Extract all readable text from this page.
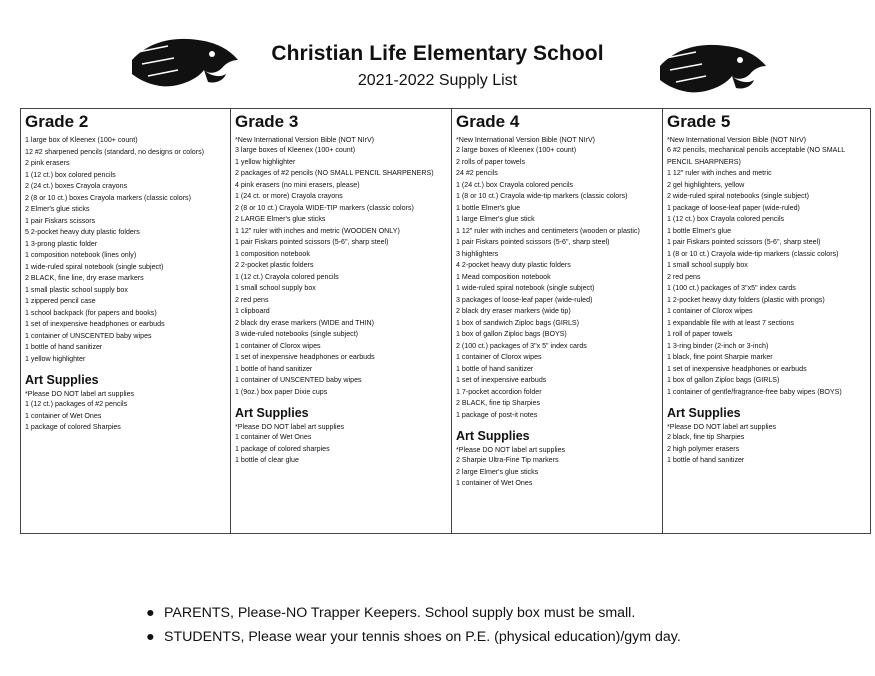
Christian Life Elementary School
2021-2022 Supply List
Grade 2
1 large box of Kleenex (100+ count)
12 #2 sharpened pencils (standard, no designs or colors)
2 pink erasers
1 (12 ct.) box colored pencils
2 (24 ct.) boxes Crayola crayons
2 (8 or 10 ct.) boxes Crayola markers (classic colors)
2 Elmer's glue sticks
1 pair Fiskars scissors
5 2-pocket heavy duty plastic folders
1 3-prong plastic folder
1 composition notebook (lines only)
1 wide-ruled spiral notebook (single subject)
2 BLACK, fine line, dry erase markers
1 small plastic school supply box
1 zippered pencil case
1 school backpack (for papers and books)
1 set of inexpensive headphones or earbuds
1 container of UNSCENTED baby wipes
1 bottle of hand sanitizer
1 yellow highlighter
Art Supplies
*Please DO NOT label art supplies
1 (12 ct.) packages of #2 pencils
1 container of Wet Ones
1 package of colored Sharpies
Grade 3
*New International Version Bible (NOT NIrV)
3 large boxes of Kleenex (100+ count)
1 yellow highlighter
2 packages of #2 pencils (NO SMALL PENCIL SHARPENERS)
4 pink erasers (no mini erasers, please)
1 (24 ct. or more) Crayola crayons
2 (8 or 10 ct.) Crayola WIDE-TIP markers (classic colors)
2 LARGE Elmer's glue sticks
1 12" ruler with inches and metric (WOODEN ONLY)
1 pair Fiskars pointed scissors (5-6", sharp steel)
1 composition notebook
2 2-pocket plastic folders
1 (12 ct.) Crayola colored pencils
1 small school supply box
2 red pens
1 clipboard
2 black dry erase markers (WIDE and THIN)
3 wide-ruled notebooks (single subject)
1 container of Clorox wipes
1 set of inexpensive headphones or earbuds
1 bottle of hand sanitizer
1 container of UNSCENTED baby wipes
1 (9oz.) box paper Dixie cups
Art Supplies
*Please DO NOT label art supplies
1 container of Wet Ones
1 package of colored sharpies
1 bottle of clear glue
Grade 4
*New International Version Bible (NOT NIrV)
2 large boxes of Kleenex (100+ count)
2 rolls of paper towels
24 #2 pencils
1 (24 ct.) box Crayola colored pencils
1 (8 or 10 ct.) Crayola wide-tip markers (classic colors)
1 bottle Elmer's glue
1 large Elmer's glue stick
1 12" ruler with inches and centimeters (wooden or plastic)
1 pair Fiskars pointed scissors (5-6", sharp steel)
3 highlighters
4 2-pocket heavy duty plastic folders
1 Mead composition notebook
1 wide-ruled spiral notebook (single subject)
3 packages of loose-leaf paper (wide-ruled)
2 black dry eraser markers (wide tip)
1 box of sandwich Ziploc bags (GIRLS)
1 box of gallon Ziploc bags (BOYS)
2 (100 ct.) packages of 3"x 5" index cards
1 container of Clorox wipes
1 bottle of hand sanitizer
1 set of inexpensive earbuds
1 7-pocket accordion folder
2 BLACK, fine tip Sharpies
1 package of post-it notes
Art Supplies
*Please DO NOT label art supplies
2 Sharpie Ultra-Fine Tip markers
2 large Elmer's glue sticks
1 container of Wet Ones
Grade 5
*New International Version Bible (NOT NIrV)
6 #2 pencils, mechanical pencils acceptable (NO SMALL PENCIL SHARPNERS)
1 12" ruler with inches and metric
2 gel highlighters, yellow
2 wide-ruled spiral notebooks (single subject)
1 package of loose-leaf paper (wide-ruled)
1 (12 ct.) box Crayola colored pencils
1 bottle Elmer's glue
1 pair Fiskars pointed scissors (5-6", sharp steel)
1 (8 or 10 ct.) Crayola wide-tip markers (classic colors)
1 small school supply box
2 red pens
1 (100 ct.) packages of 3"x5" index cards
1 2-pocket heavy duty folders (plastic with prongs)
1 container of Clorox wipes
1 expandable file with at least 7 sections
1 roll of paper towels
1 3-ring binder (2-inch or 3-inch)
1 black, fine point Sharpie marker
1 set of inexpensive headphones or earbuds
1 box of gallon Ziploc bags (GIRLS)
1 container of gentle/fragrance-free baby wipes (BOYS)
Art Supplies
*Please DO NOT label art supplies
2 black, fine tip Sharpies
2 high polymer erasers
1 bottle of hand sanitizer
● PARENTS, Please-NO Trapper Keepers. School supply box must be small.
● STUDENTS, Please wear your tennis shoes on P.E. (physical education)/gym day.
